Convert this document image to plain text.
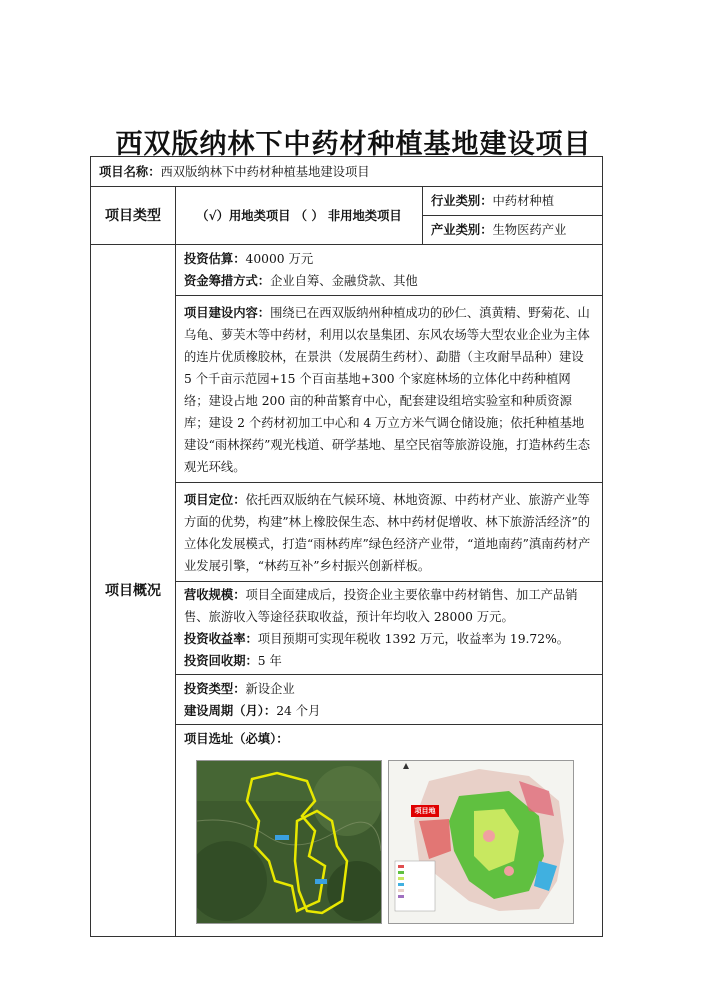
西双版纳林下中药材种植基地建设项目
项目名称：西双版纳林下中药材种植基地建设项目		
项目类型	（√）用地类项目 （ ） 非用地类项目	行业类别：中药材种植
		产业类别：生物医药产业
项目概况	投资估算：40000 万元
资金筹措方式：企业自筹、金融贷款、其他	

	项目建设内容：围绕已在西双版纳州种植成功的砂仁、滇黄精、野菊花、山乌龟、萝芙木等中药材，利用以农垦集团、东风农场等大型农业企业为主体的连片优质橡胶林，在景洪（发展荫生药材）、勐腊（主攻耐旱品种）建设 5 个千亩示范园+15 个百亩基地+300 个家庭林场的立体化中药种植网络；建设占地 200 亩的种苗繁育中心，配套建设组培实验室和种质资源库；建设 2 个药材初加工中心和 4 万立方米气调仓储设施；依托种植基地建设“雨林探药”观光栈道、研学基地、星空民宿等旅游设施，打造林药生态观光环线。	

	项目定位：依托西双版纳在气候环境、林地资源、中药材产业、旅游产业等方面的优势，构建”林上橡胶保生态、林中药材促增收、林下旅游活经济”的立体化发展模式，打造“雨林药库”绿色经济产业带，“道地南药”滇南药材产业发展引擎，“林药互补”乡村振兴创新样板。	

	营收规模：项目全面建成后，投资企业主要依靠中药材销售、加工产品销售、旅游收入等途径获取收益，预计年均收入 28000 万元。
投资收益率：项目预期可实现年税收 1392 万元，收益率为 19.72%。
投资回收期：5 年	

	投资类型：新设企业
建设周期（月）：24 个月	

	项目选址（必填）：
项目地	
